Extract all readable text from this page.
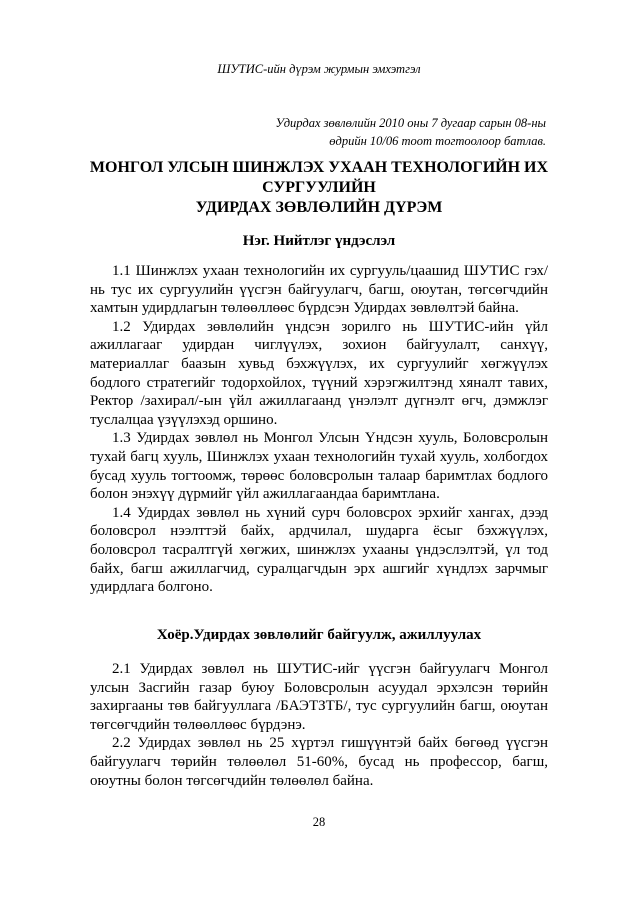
ШУТИС-ийн дүрэм журмын эмхэтгэл
Удирдах зөвлөлийн 2010 оны 7 дугаар сарын 08-ны
өдрийн 10/06 тоот тогтоолоор батлав.
МОНГОЛ УЛСЫН ШИНЖЛЭХ УХААН ТЕХНОЛОГИЙН ИХ
СУРГУУЛИЙН
УДИРДАХ ЗӨВЛӨЛИЙН ДҮРЭМ
Нэг. Нийтлэг үндэслэл

1.1 Шинжлэх ухаан технологийн их сургууль/цаашид ШУТИС гэх/ нь тус их сургуулийн үүсгэн байгуулагч, багш, оюутан, төгсөгчдийн хамтын удирдлагын төлөөллөөс бүрдсэн Удирдах зөвлөлтэй байна.

1.2 Удирдах зөвлөлийн үндсэн зорилго нь ШУТИС-ийн үйл ажиллагааг удирдан чиглүүлэх, зохион байгуулалт, санхүү, материаллаг баазын хувьд бэхжүүлэх, их сургуулийг хөгжүүлэх бодлого стратегийг тодорхойлох, түүний хэрэгжилтэнд хяналт тавих, Ректор /захирал/-ын үйл ажиллагаанд үнэлэлт дүгнэлт өгч, дэмжлэг туслалцаа үзүүлэхэд оршино.

1.3 Удирдах зөвлөл нь Монгол Улсын Үндсэн хууль, Боловсролын тухай багц хууль, Шинжлэх ухаан технологийн тухай хууль, холбогдох бусад хууль тогтоомж, төрөөс боловсролын талаар баримтлах бодлого болон энэхүү дүрмийг үйл ажиллагаандаа баримтлана.

1.4 Удирдах зөвлөл нь хүний сурч боловсрох эрхийг хангах, дээд боловсрол нээлттэй байх, ардчилал, шударга ёсыг бэхжүүлэх, боловсрол тасралтгүй хөгжих, шинжлэх ухааны үндэслэлтэй, үл тод байх, багш ажиллагчид, суралцагчдын эрх ашгийг хүндлэх зарчмыг удирдлага болгоно.

Хоёр.Удирдах зөвлөлийг байгуулж, ажиллуулах

2.1 Удирдах зөвлөл нь ШУТИС-ийг үүсгэн байгуулагч Монгол улсын Засгийн газар буюу Боловсролын асуудал эрхэлсэн төрийн захиргааны төв байгууллага /БАЭТЗТБ/, тус сургуулийн багш, оюутан төгсөгчдийн төлөөллөөс бүрдэнэ.

2.2 Удирдах зөвлөл нь 25 хүртэл гишүүнтэй байх бөгөөд үүсгэн байгуулагч төрийн төлөөлөл 51-60%, бусад нь профессор, багш, оюутны болон төгсөгчдийн төлөөлөл байна.

28
